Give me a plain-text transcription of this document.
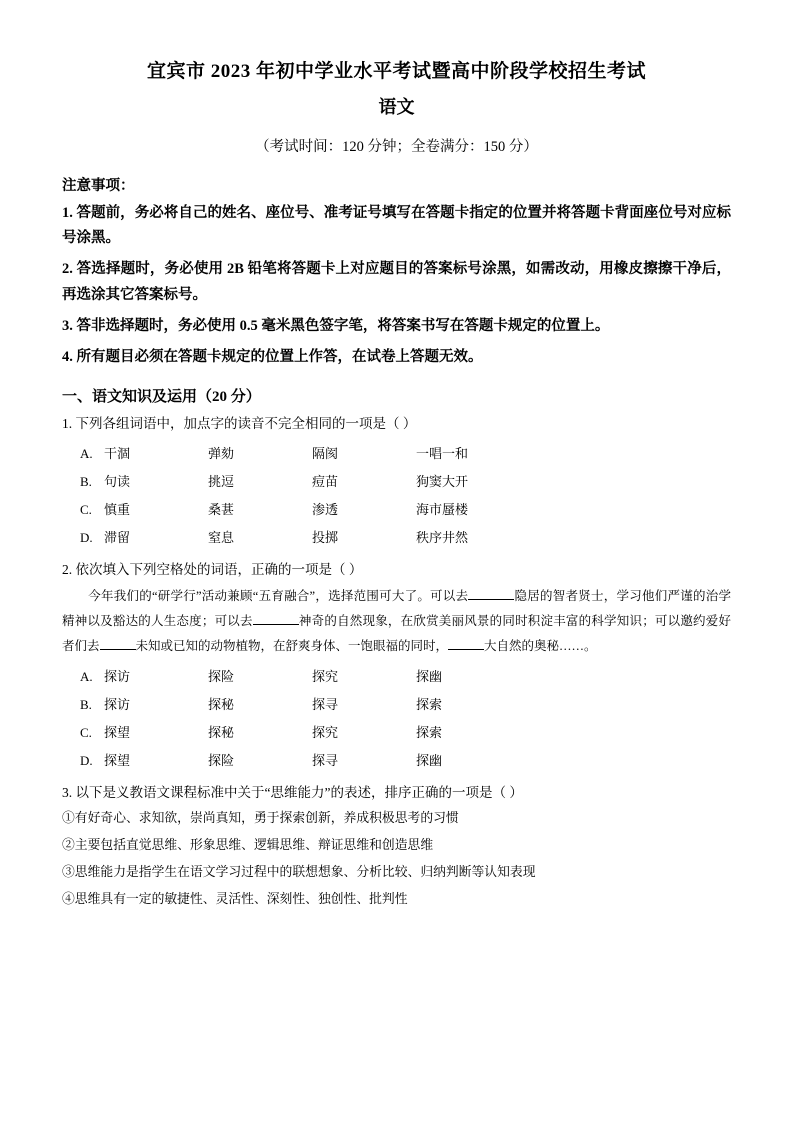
宜宾市 2023 年初中学业水平考试暨高中阶段学校招生考试
语文
（考试时间：120 分钟；全卷满分：150 分）
注意事项：
1. 答题前，务必将自己的姓名、座位号、准考证号填写在答题卡指定的位置并将答题卡背面座位号对应标号涂黑。
2. 答选择题时，务必使用 2B 铅笔将答题卡上对应题目的答案标号涂黑，如需改动，用橡皮擦擦干净后，再选涂其它答案标号。
3. 答非选择题时，务必使用 0.5 毫米黑色签字笔，将答案书写在答题卡规定的位置上。
4. 所有题目必须在答题卡规定的位置上作答，在试卷上答题无效。
一、语文知识及运用（20 分）
1. 下列各组词语中，加点字的读音不完全相同的一项是（ ）
A. 干涸	弹劾	隔阂	一唱一和
B. 句读	挑逗	痘苗	狗窦大开
C. 慎重	桑葚	渗透	海市蜃楼
D. 滞留	窒息	投掷	秩序井然
2. 依次填入下列空格处的词语，正确的一项是（ ）
今年我们的“研学行”活动兼顾“五育融合”，选择范围可大了。可以去	隐居的智者贤士，学习他们严谨的治学精神以及豁达的人生态度；可以去	神奇的自然现象，在欣赏美丽风景的同时积淀丰富的科学知识；可以邀约爱好者们去	未知或已知的动物植物，在舒爽身体、一饱眼福的同时，	大自然的奥秘……。
A. 探访	探险	探究	探幽
B. 探访	探秘	探寻	探索
C. 探望	探秘	探究	探索
D. 探望	探险	探寻	探幽
3. 以下是义教语文课程标准中关于“思维能力”的表述，排序正确的一项是（ ）
①有好奇心、求知欲，崇尚真知，勇于探索创新，养成积极思考的习惯
②主要包括直觉思维、形象思维、逻辑思维、辩证思维和创造思维
③思维能力是指学生在语文学习过程中的联想想象、分析比较、归纳判断等认知表现
④思维具有一定的敏捷性、灵活性、深刻性、独创性、批判性
